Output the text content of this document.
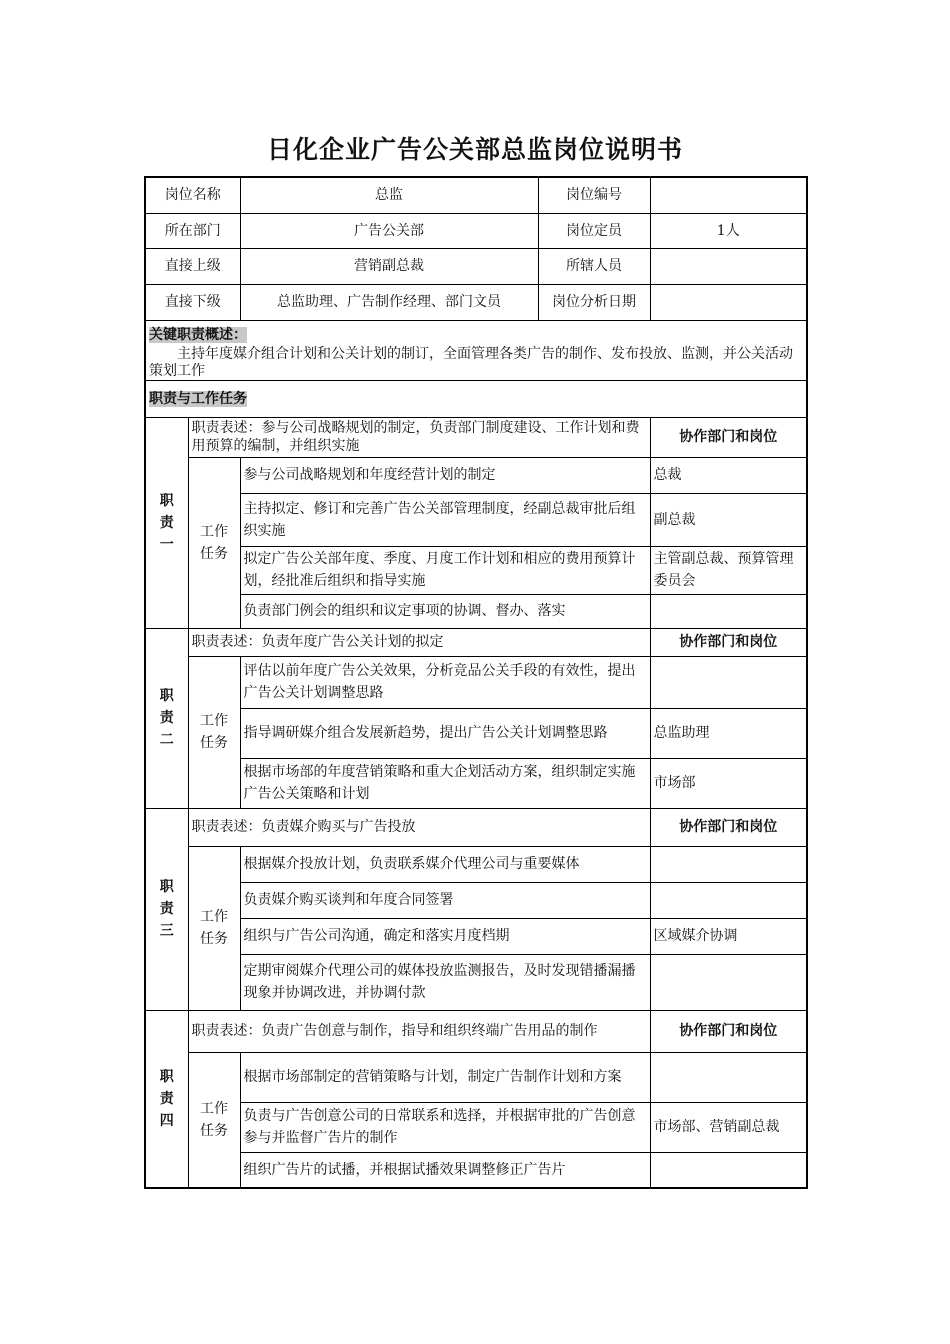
日化企业广告公关部总监岗位说明书
岗位名称		总监	岗位编号	
所在部门		广告公关部	岗位定员	1人
直接上级		营销副总裁	所辖人员	
直接下级		总监助理、广告制作经理、部门文员	岗位分析日期	

关键职责概述：
主持年度媒介组合计划和公关计划的制订，全面管理各类广告的制作、发布投放、监测，并公关活动策划工作				

职责与工作任务				

职
责
一	职责表述：参与公司战略规划的制定，负责部门制度建设、工作计划和费用预算的编制，并组织实施			协作部门和岗位

	工作任务	参与公司战略规划和年度经营计划的制定		总裁
		主持拟定、修订和完善广告公关部管理制度，经副总裁审批后组织实施		副总裁
		拟定广告公关部年度、季度、月度工作计划和相应的费用预算计划，经批准后组织和指导实施		主管副总裁、预算管理委员会
		负责部门例会的组织和议定事项的协调、督办、落实		

职
责
二	职责表述：负责年度广告公关计划的拟定			协作部门和岗位

	工作任务	评估以前年度广告公关效果，分析竞品公关手段的有效性，提出广告公关计划调整思路		
		指导调研媒介组合发展新趋势，提出广告公关计划调整思路		总监助理
		根据市场部的年度营销策略和重大企划活动方案，组织制定实施广告公关策略和计划		市场部

职
责
三	职责表述：负责媒介购买与广告投放			协作部门和岗位

	工作任务	根据媒介投放计划，负责联系媒介代理公司与重要媒体		
		负责媒介购买谈判和年度合同签署		
		组织与广告公司沟通，确定和落实月度档期		区域媒介协调
		定期审阅媒介代理公司的媒体投放监测报告，及时发现错播漏播现象并协调改进，并协调付款		

职
责
四	职责表述：负责广告创意与制作，指导和组织终端广告用品的制作			协作部门和岗位

	工作任务	根据市场部制定的营销策略与计划，制定广告制作计划和方案		
		负责与广告创意公司的日常联系和选择，并根据审批的广告创意参与并监督广告片的制作		市场部、营销副总裁
		组织广告片的试播，并根据试播效果调整修正广告片		
